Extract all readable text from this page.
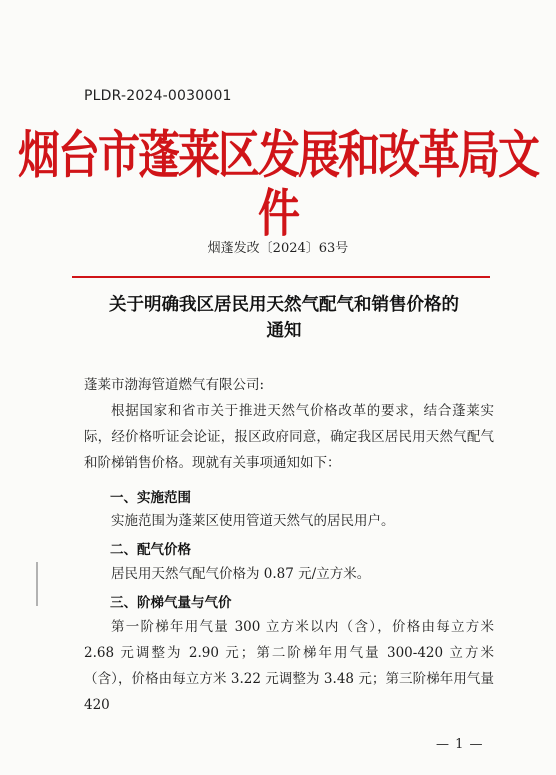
PLDR-2024-0030001
烟台市蓬莱区发展和改革局文件
烟蓬发改〔2024〕63号
关于明确我区居民用天然气配气和销售价格的
通知
蓬莱市渤海管道燃气有限公司:
根据国家和省市关于推进天然气价格改革的要求，结合蓬莱实际，经价格听证会论证，报区政府同意，确定我区居民用天然气配气和阶梯销售价格。现就有关事项通知如下：
一、实施范围
实施范围为蓬莱区使用管道天然气的居民用户。
二、配气价格
居民用天然气配气价格为 0.87 元/立方米。
三、阶梯气量与气价
第一阶梯年用气量 300 立方米以内（含），价格由每立方米 2.68 元调整为 2.90 元；第二阶梯年用气量 300-420 立方米（含），价格由每立方米 3.22 元调整为 3.48 元；第三阶梯年用气量 420
— 1 —
